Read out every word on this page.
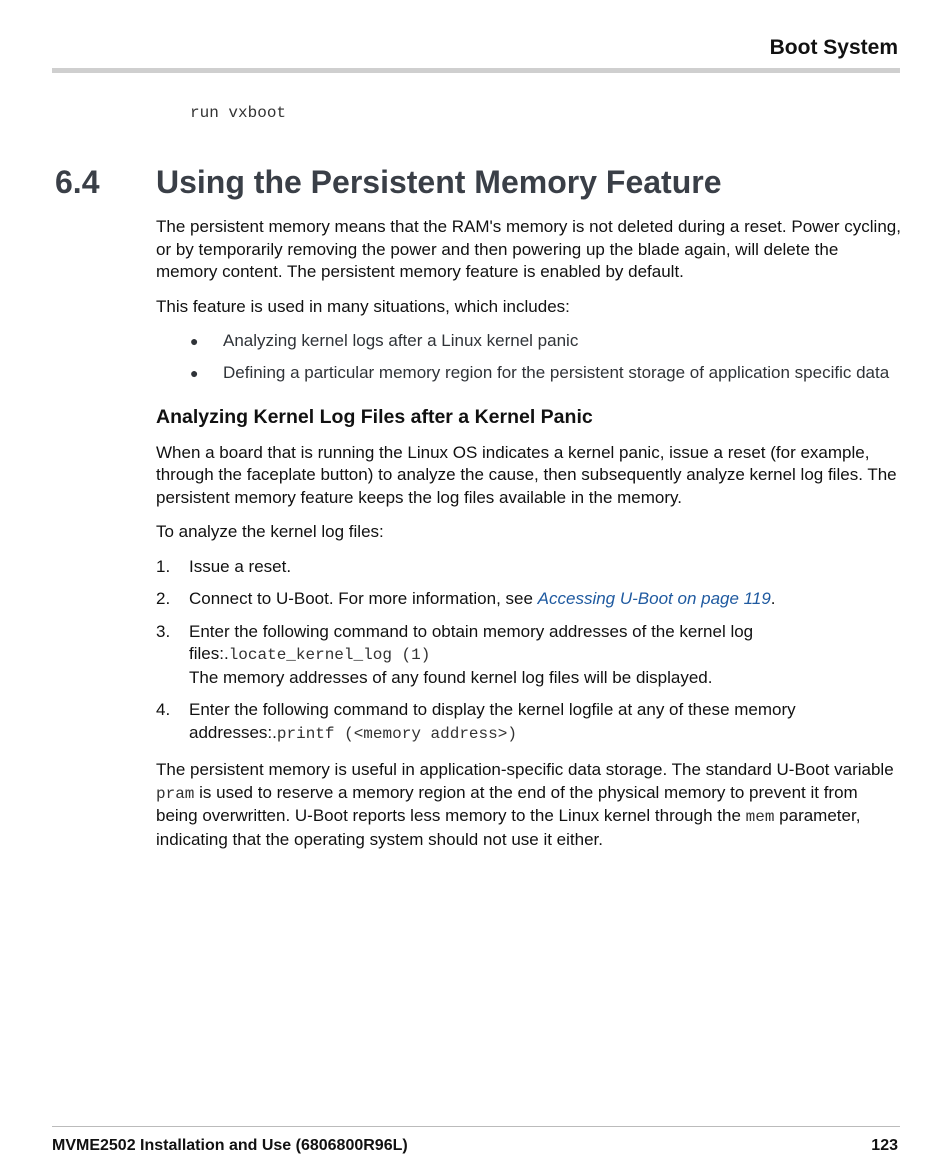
Boot System
run vxboot
6.4 Using the Persistent Memory Feature

The persistent memory means that the RAM's memory is not deleted during a reset. Power cycling, or by temporarily removing the power and then powering up the blade again, will delete the memory content. The persistent memory feature is enabled by default.

This feature is used in many situations, which includes:

● Analyzing kernel logs after a Linux kernel panic
● Defining a particular memory region for the persistent storage of application specific data
Analyzing Kernel Log Files after a Kernel Panic

When a board that is running the Linux OS indicates a kernel panic, issue a reset (for example, through the faceplate button) to analyze the cause, then subsequently analyze kernel log files. The persistent memory feature keeps the log files available in the memory.

To analyze the kernel log files:

1. Issue a reset.
2. Connect to U-Boot. For more information, see Accessing U-Boot on page 119.
3. Enter the following command to obtain memory addresses of the kernel log files:.locate_kernel_log (1)
The memory addresses of any found kernel log files will be displayed.
4. Enter the following command to display the kernel logfile at any of these memory addresses:.printf (<memory address>)

The persistent memory is useful in application-specific data storage. The standard U-Boot variable pram is used to reserve a memory region at the end of the physical memory to prevent it from being overwritten. U-Boot reports less memory to the Linux kernel through the mem parameter, indicating that the operating system should not use it either.

MVME2502 Installation and Use (6806800R96L)	123
